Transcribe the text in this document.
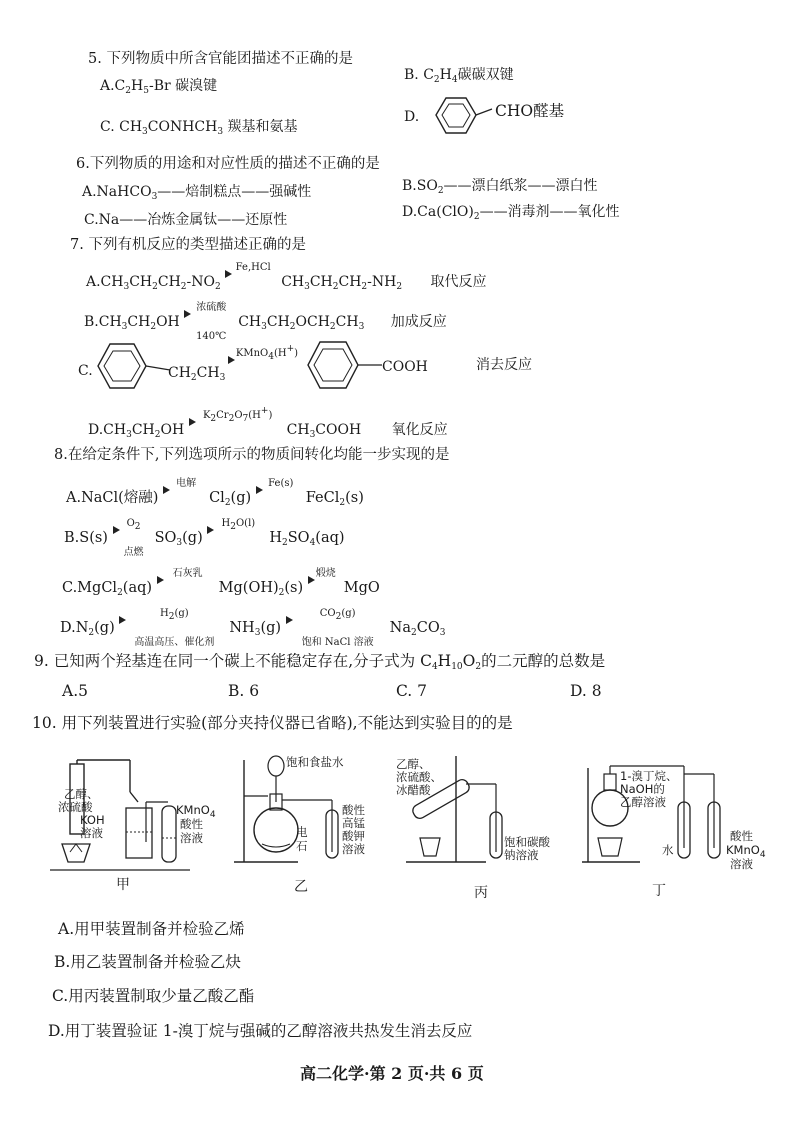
5. 下列物质中所含官能团描述不正确的是
$A.C_2H_5-Br$ 碳溴键
B. $C_2H_4$碳碳双键
C. $CH_3CONHCH_3$ 羰基和氨基
D.	CHO醛基
6.下列物质的用途和对应性质的描述不正确的是
A.NaHCO$_3$——焙制糕点——强碱性	$B.SO_2——$漂白纸浆——漂白性
C.Na——冶炼金属钛——还原性	$D.Ca(ClO)_2——$消毒剂——氧化性
7. 下列有机反应的类型描述正确的是
$A.CH_3CH_2CH_2-NO_2$
Fe,HCl
$CH_3CH_2CH_2-NH_2$ 取代反应
$B.CH_3CH_2OH$
浓硫酸
140℃
$CH_3CH_2OCH_2CH_3$ 加成反应
C.	$CH_2CH_3$
KMnO$_4$(H+)
COOH	消去反应
$D.CH_3CH_2OH$
$K_2Cr_2O_7(H^+)$
$CH_3COOH$ 氧化反应
8.在给定条件下,下列选项所示的物质间转化均能一步实现的是
A.NaCl(熔融)
电解
$Cl_2(g)$
Fe(s)
FeCl$_2$(s)
B.S(s)
$O_2$
点燃
$SO_3(g)$
$H_2O(l)$
$H_2SO_4(aq)$
C.MgCl$_2$(aq)
石灰乳
$Mg(OH)_2(s)$
煅烧
MgO
$D.N_2(g)$
$H_2(g)$
高温高压、催化剂
$NH_3(g)$
$CO_2(g)$
饱和 NaCl 溶液
$Na_2CO_3$
9. 已知两个羟基连在同一个碳上不能稳定存在,分子式为 $C_4H_{10}O_2$的二元醇的总数是
A.5	B. 6	C. 7	D. 8
10. 用下列装置进行实验(部分夹持仪器已省略),不能达到实验目的的是
乙醇、
浓硫酸
KOH
溶液
KMnO$_4$
酸性
溶液
甲
饱和食盐水
酸性
高锰
酸钾
溶液
电
石
乙
乙醇、
浓硫酸、
冰醋酸
饱和碳酸
钠溶液
丙
1-溴丁烷、
NaOH的
乙醇溶液
水
酸性
KMnO$_4$
溶液
丁
A.用甲装置制备并检验乙烯
B.用乙装置制备并检验乙炔
C.用丙装置制取少量乙酸乙酯
D.用丁装置验证 1-溴丁烷与强碱的乙醇溶液共热发生消去反应
高二化学·第 2 页·共 6 页
